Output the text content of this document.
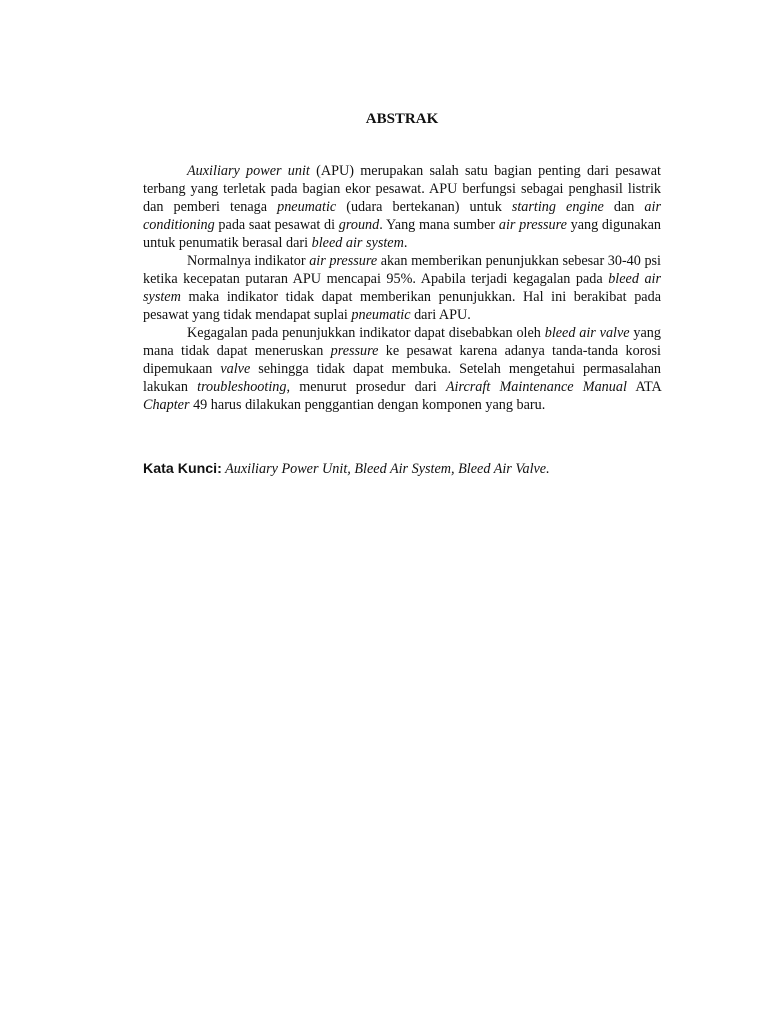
ABSTRAK

Auxiliary power unit (APU) merupakan salah satu bagian penting dari pesawat terbang yang terletak pada bagian ekor pesawat. APU berfungsi sebagai penghasil listrik dan pemberi tenaga pneumatic (udara bertekanan) untuk starting engine dan air conditioning pada saat pesawat di ground. Yang mana sumber air pressure yang digunakan untuk penumatik berasal dari bleed air system.

Normalnya indikator air pressure akan memberikan penunjukkan sebesar 30-40 psi ketika kecepatan putaran APU mencapai 95%. Apabila terjadi kegagalan pada bleed air system maka indikator tidak dapat memberikan penunjukkan. Hal ini berakibat pada pesawat yang tidak mendapat suplai pneumatic dari APU.

Kegagalan pada penunjukkan indikator dapat disebabkan oleh bleed air valve yang mana tidak dapat meneruskan pressure ke pesawat karena adanya tanda-tanda korosi dipemukaan valve sehingga tidak dapat membuka. Setelah mengetahui permasalahan lakukan troubleshooting, menurut prosedur dari Aircraft Maintenance Manual ATA Chapter 49 harus dilakukan penggantian dengan komponen yang baru.

Kata Kunci: Auxiliary Power Unit, Bleed Air System, Bleed Air Valve.
